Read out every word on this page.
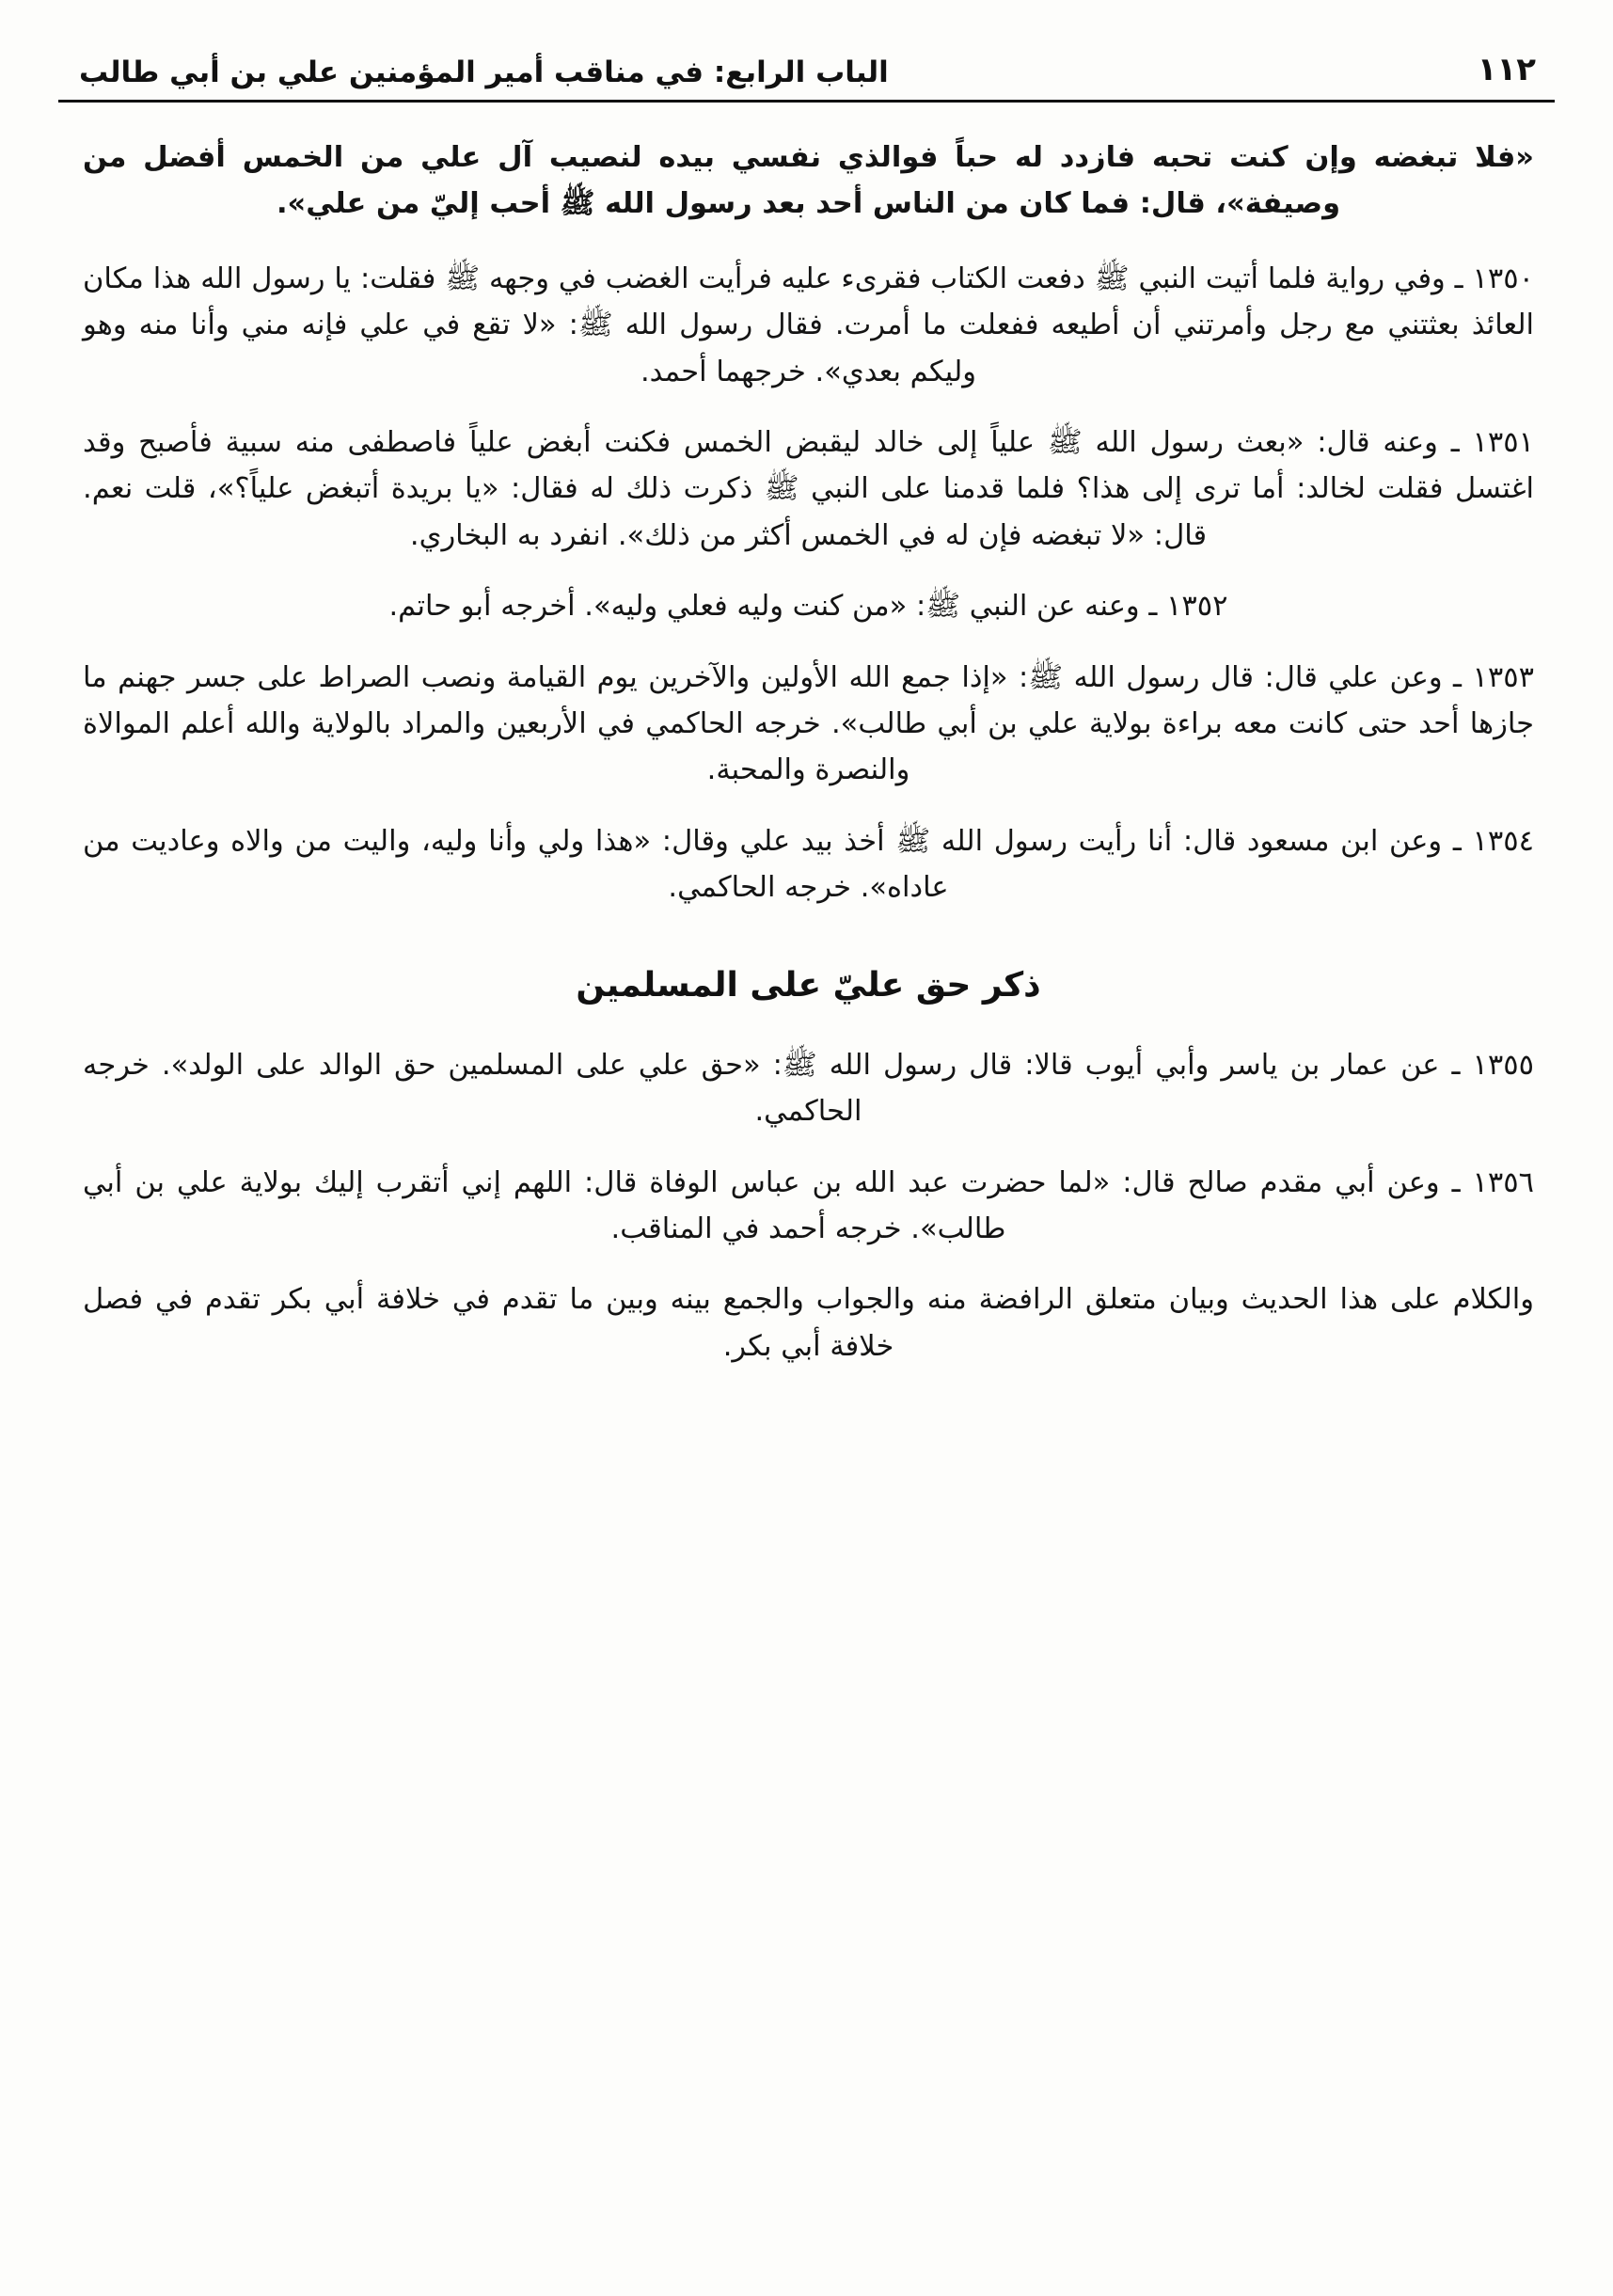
الباب الرابع: في مناقب أمير المؤمنين علي بن أبي طالب	١١٢

«فلا تبغضه وإن كنت تحبه فازدد له حباً فوالذي نفسي بيده لنصيب آل علي من الخمس أفضل من وصيفة»، قال: فما كان من الناس أحد بعد رسول الله ﷺ أحب إليّ من علي».

١٣٥٠ ـ وفي رواية فلما أتيت النبي ﷺ دفعت الكتاب فقرىء عليه فرأيت الغضب في وجهه ﷺ فقلت: يا رسول الله هذا مكان العائذ بعثتني مع رجل وأمرتني أن أطيعه ففعلت ما أمرت. فقال رسول الله ﷺ: «لا تقع في علي فإنه مني وأنا منه وهو وليكم بعدي». خرجهما أحمد.

١٣٥١ ـ وعنه قال: «بعث رسول الله ﷺ علياً إلى خالد ليقبض الخمس فكنت أبغض علياً فاصطفى منه سبية فأصبح وقد اغتسل فقلت لخالد: أما ترى إلى هذا؟ فلما قدمنا على النبي ﷺ ذكرت ذلك له فقال: «يا بريدة أتبغض علياً؟»، قلت نعم. قال: «لا تبغضه فإن له في الخمس أكثر من ذلك». انفرد به البخاري.

١٣٥٢ ـ وعنه عن النبي ﷺ: «من كنت وليه فعلي وليه». أخرجه أبو حاتم.

١٣٥٣ ـ وعن علي قال: قال رسول الله ﷺ: «إذا جمع الله الأولين والآخرين يوم القيامة ونصب الصراط على جسر جهنم ما جازها أحد حتى كانت معه براءة بولاية علي بن أبي طالب». خرجه الحاكمي في الأربعين والمراد بالولاية والله أعلم الموالاة والنصرة والمحبة.

١٣٥٤ ـ وعن ابن مسعود قال: أنا رأيت رسول الله ﷺ أخذ بيد علي وقال: «هذا ولي وأنا وليه، واليت من والاه وعاديت من عاداه». خرجه الحاكمي.

ذكر حق عليّ على المسلمين

١٣٥٥ ـ عن عمار بن ياسر وأبي أيوب قالا: قال رسول الله ﷺ: «حق علي على المسلمين حق الوالد على الولد». خرجه الحاكمي.

١٣٥٦ ـ وعن أبي مقدم صالح قال: «لما حضرت عبد الله بن عباس الوفاة قال: اللهم إني أتقرب إليك بولاية علي بن أبي طالب». خرجه أحمد في المناقب.

والكلام على هذا الحديث وبيان متعلق الرافضة منه والجواب والجمع بينه وبين ما تقدم في خلافة أبي بكر تقدم في فصل خلافة أبي بكر.
